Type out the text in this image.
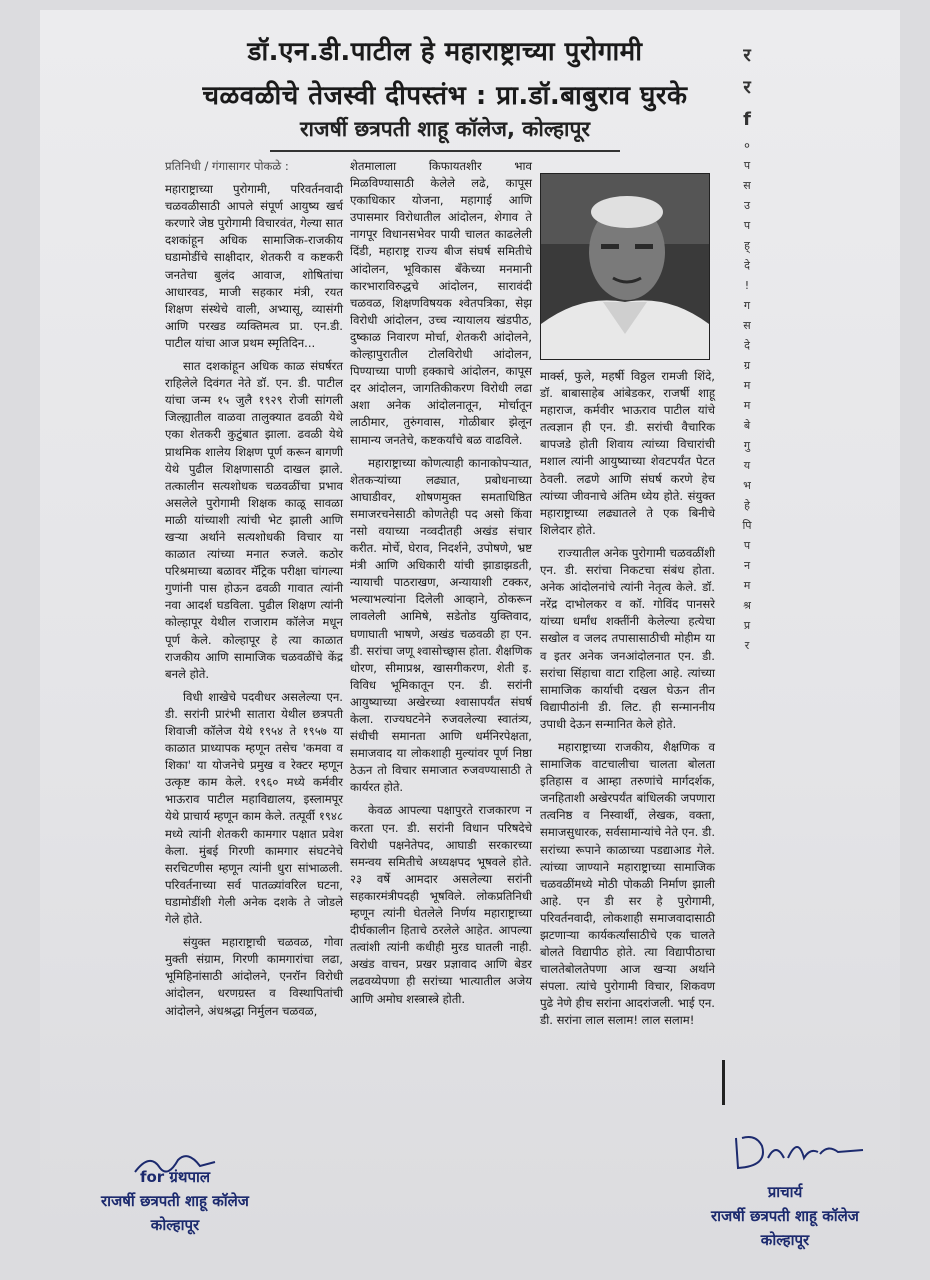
डॉ.एन.डी.पाटील हे महाराष्ट्राच्या पुरोगामी
चळवळीचे तेजस्वी दीपस्तंभ : प्रा.डॉ.बाबुराव घुरके
राजर्षी छत्रपती शाहू कॉलेज, कोल्हापूर

प्रतिनिधी / गंगासागर पोकळे :

महाराष्ट्राच्या पुरोगामी, परिवर्तनवादी चळवळीसाठी आपले संपूर्ण आयुष्य खर्च करणारे जेष्ठ पुरोगामी विचारवंत, गेल्या सात दशकांहून अधिक सामाजिक-राजकीय घडामोडींचे साक्षीदार, शेतकरी व कष्टकरी जनतेचा बुलंद आवाज, शोषितांचा आधारवड, माजी सहकार मंत्री, रयत शिक्षण संस्थेचे वाली, अभ्यासू, व्यासंगी आणि परखड व्यक्तिमत्व प्रा. एन.डी. पाटील यांचा आज प्रथम स्मृतिदिन...

सात दशकांहून अधिक काळ संघर्षरत राहिलेले दिवंगत नेते डॉ. एन. डी. पाटील यांचा जन्म १५ जुलै १९२९ रोजी सांगली जिल्ह्यातील वाळवा तालुक्यात ढवळी येथे एका शेतकरी कुटुंबात झाला. ढवळी येथे प्राथमिक शालेय शिक्षण पूर्ण करून बागणी येथे पुढील शिक्षणासाठी दाखल झाले. तत्कालीन सत्यशोधक चळवळींचा प्रभाव असलेले पुरोगामी शिक्षक काळू सावळा माळी यांच्याशी त्यांची भेट झाली आणि खऱ्या अर्थाने सत्यशोधकी विचार या काळात त्यांच्या मनात रुजले. कठोर परिश्रमाच्या बळावर मॅट्रिक परीक्षा चांगल्या गुणांनी पास होऊन ढवळी गावात त्यांनी नवा आदर्श घडविला. पुढील शिक्षण त्यांनी कोल्हापूर येथील राजाराम कॉलेज मधून पूर्ण केले. कोल्हापूर हे त्या काळात राजकीय आणि सामाजिक चळवळींचे केंद्र बनले होते.

विधी शाखेचे पदवीधर असलेल्या एन. डी. सरांनी प्रारंभी सातारा येथील छत्रपती शिवाजी कॉलेज येथे १९५४ ते १९५७ या काळात प्राध्यापक म्हणून तसेच 'कमवा व शिका' या योजनेचे प्रमुख व रेक्टर म्हणून उत्कृष्ट काम केले. १९६० मध्ये कर्मवीर भाऊराव पाटील महाविद्यालय, इस्लामपूर येथे प्राचार्य म्हणून काम केले. तत्पूर्वी १९४८ मध्ये त्यांनी शेतकरी कामगार पक्षात प्रवेश केला. मुंबई गिरणी कामगार संघटनेचे सरचिटणीस म्हणून त्यांनी धुरा सांभाळली. परिवर्तनाच्या सर्व पातळ्यांवरिल घटना, घडामोडींशी गेली अनेक दशके ते जोडले गेले होते.

संयुक्त महाराष्ट्राची चळवळ, गोवा मुक्ती संग्राम, गिरणी कामगारांचा लढा, भूमिहिनांसाठी आंदोलने, एनरॉन विरोधी आंदोलन, धरणग्रस्त व विस्थापितांची आंदोलने, अंधश्रद्धा निर्मुलन चळवळ,

शेतमालाला किफायतशीर भाव मिळविण्यासाठी केलेले लढे, कापूस एकाधिकार योजना, महागाई आणि उपासमार विरोधातील आंदोलन, शेगाव ते नागपूर विधानसभेवर पायी चालत काढलेली दिंडी, महाराष्ट्र राज्य बीज संघर्ष समितीचे आंदोलन, भूविकास बँकेच्या मनमानी कारभाराविरुद्धचे आंदोलन, सारावंदी चळवळ, शिक्षणविषयक श्वेतपत्रिका, सेझ विरोधी आंदोलन, उच्च न्यायालय खंडपीठ, दुष्काळ निवारण मोर्चा, शेतकरी आंदोलने, कोल्हापुरातील टोलविरोधी आंदोलन, पिण्याच्या पाणी हक्काचे आंदोलन, कापूस दर आंदोलन, जागतिकीकरण विरोधी लढा अशा अनेक आंदोलनातून, मोर्चातून लाठीमार, तुरुंगवास, गोळीबार झेलून सामान्य जनतेचे, कष्टकर्यांचे बळ वाढविले.

महाराष्ट्राच्या कोणत्याही कानाकोपऱ्यात, शेतकऱ्यांच्या लढ्यात, प्रबोधनाच्या आघाडीवर, शोषणमुक्त समताधिष्ठित समाजरचनेसाठी कोणतेही पद असो किंवा नसो वयाच्या नव्वदीतही अखंड संचार करीत. मोर्चे, घेराव, निदर्शने, उपोषणे, भ्रष्ट मंत्री आणि अधिकारी यांची झाडाझडती, न्यायाची पाठराखण, अन्यायाशी टक्कर, भल्याभल्यांना दिलेली आव्हाने, ठोकरून लावलेली आमिषे, सडेतोड युक्तिवाद, घणाघाती भाषणे, अखंड चळवळी हा एन. डी. सरांचा जणू श्वासोच्छ्वास होता. शैक्षणिक धोरण, सीमाप्रश्न, खासगीकरण, शेती इ. विविध भूमिकातून एन. डी. सरांनी आयुष्याच्या अखेरच्या श्वासापर्यंत संघर्ष केला. राज्यघटनेने रुजवलेल्या स्वातंत्र्य, संधीची समानता आणि धर्मनिरपेक्षता, समाजवाद या लोकशाही मुल्यांवर पूर्ण निष्ठा ठेऊन तो विचार समाजात रुजवण्यासाठी ते कार्यरत होते.

केवळ आपल्या पक्षापुरते राजकारण न करता एन. डी. सरांनी विधान परिषदेचे विरोधी पक्षनेतेपद, आघाडी सरकारच्या समन्वय समितीचे अध्यक्षपद भूषवले होते. २३ वर्षे आमदार असलेल्या सरांनी सहकारमंत्रीपदही भूषविले. लोकप्रतिनिधी म्हणून त्यांनी घेतलेले निर्णय महाराष्ट्राच्या दीर्घकालीन हिताचे ठरलेले आहेत. आपल्या तत्वांशी त्यांनी कधीही मुरड घातली नाही. अखंड वाचन, प्रखर प्रज्ञावाद आणि बेडर लढवय्येपणा ही सरांच्या भात्यातील अजेय आणि अमोघ शस्त्रास्त्रे होती.

मार्क्स, फुले, महर्षी विठ्ठल रामजी शिंदे, डॉ. बाबासाहेब आंबेडकर, राजर्षी शाहू महाराज, कर्मवीर भाऊराव पाटील यांचे तत्वज्ञान ही एन. डी. सरांची वैचारिक बापजडे होती शिवाय त्यांच्या विचारांची मशाल त्यांनी आयुष्याच्या शेवटपर्यंत पेटत ठेवली. लढणे आणि संघर्ष करणे हेच त्यांच्या जीवनाचे अंतिम ध्येय होते. संयुक्त महाराष्ट्राच्या लढ्यातले ते एक बिनीचे शिलेदार होते.

राज्यातील अनेक पुरोगामी चळवळींशी एन. डी. सरांचा निकटचा संबंध होता. अनेक आंदोलनांचे त्यांनी नेतृत्व केले. डॉ. नरेंद्र दाभोलकर व कॉ. गोविंद पानसरे यांच्या धर्मांध शक्तींनी केलेल्या हत्येचा सखोल व जलद तपासासाठीची मोहीम या व इतर अनेक जनआंदोलनात एन. डी. सरांचा सिंहाचा वाटा राहिला आहे. त्यांच्या सामाजिक कार्याची दखल घेऊन तीन विद्यापीठांनी डी. लिट. ही सन्माननीय उपाधी देऊन सन्मानित केले होते.

महाराष्ट्राच्या राजकीय, शैक्षणिक व सामाजिक वाटचालीचा चालता बोलता इतिहास व आम्हा तरुणांचे मार्गदर्शक, जनहिताशी अखेरपर्यंत बांधिलकी जपणारा तत्वनिष्ठ व निस्वार्थी, लेखक, वक्ता, समाजसुधारक, सर्वसामान्यांचे नेते एन. डी. सरांच्या रूपाने काळाच्या पडद्याआड गेले. त्यांच्या जाण्याने महाराष्ट्राच्या सामाजिक चळवळींमध्ये मोठी पोकळी निर्माण झाली आहे. एन डी सर हे पुरोगामी, परिवर्तनवादी, लोकशाही समाजवादासाठी झटणाऱ्या कार्यकर्त्यांसाठीचे एक चालते बोलते विद्यापीठ होते. त्या विद्यापीठाचा चालतेबोलतेपणा आज खऱ्या अर्थाने संपला. त्यांचे पुरोगामी विचार, शिकवण पुढे नेणे हीच सरांना आदरांजली. भाई एन. डी. सरांना लाल सलाम! लाल सलाम!

र
र
f
०
प
स
उ
प
ह्
दे
!
ग
स
दे
ग्र
म
म
बे
गु
य
भ
हे
पि
प
न
म
श्र
प्र
र
for ग्रंथपाल
राजर्षी छत्रपती शाहू कॉलेज
कोल्हापूर
प्राचार्य
राजर्षी छत्रपती शाहू कॉलेज
कोल्हापूर
